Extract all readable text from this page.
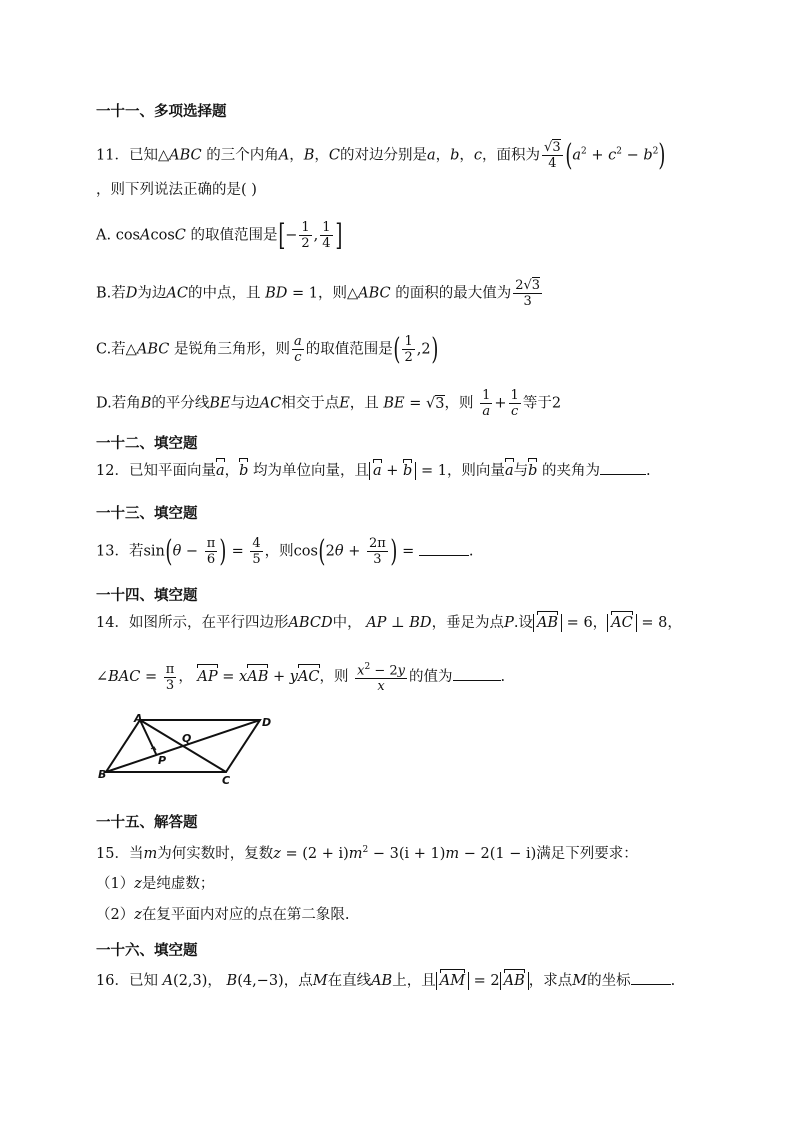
一十一、多项选择题
11．已知△ABC 的三个内角A，B，C的对边分别是a，b，c，面积为 $\frac{√3}{4} (a^2 + c^2 - b^2)$
，则下列说法正确的是( )
A. cosAcosC 的取值范围是[− $\frac{1}{2}$ , $\frac{1}{4}$ ]
B.若D为边AC的中点，且 BD = 1，则△ABC 的面积的最大值为 $\frac{2√3}{3}$
C.若△ABC 是锐角三角形，则 $\frac{a}{c}$ 的取值范围是( $\frac{1}{2} ,2$)
D.若角B的平分线BE与边AC相交于点E，且 BE = √3，则 $\frac{1}{a} + \frac{1}{c}$ 等于2
一十二、填空题
12．已知平面向量a，b 均为单位向量，且 a + b = 1，则向量a与b 的夹角为	.
一十三、填空题
13．若$\sin(\theta - \frac{\pi}{6}$ ) = $\frac{4}{5}$ ，则$\cos(2\theta + \frac{2\pi}{3}$ ) =	.
一十四、填空题
14．如图所示，在平行四边形ABCD中， AP ⊥ BD，垂足为点P.设 AB = 6， AC = 8，
∠BAC = $\frac{\pi}{3}$ ， AP = xAB + yAC，则 $\frac{x^2 - 2y}{x}$ 的值为	.
A	D
Q
P
B	C
一十五、解答题
15．当m为何实数时，复数$z = (2 + i)m^2 - 3(i + 1)m - 2(1 - i)$满足下列要求：
（1）z是纯虚数；
（2）z在复平面内对应的点在第二象限.
一十六、填空题
16．已知 A(2,3)， B(4,−3)，点M在直线AB上，且 AM = 2 AB ，求点M的坐标	.
